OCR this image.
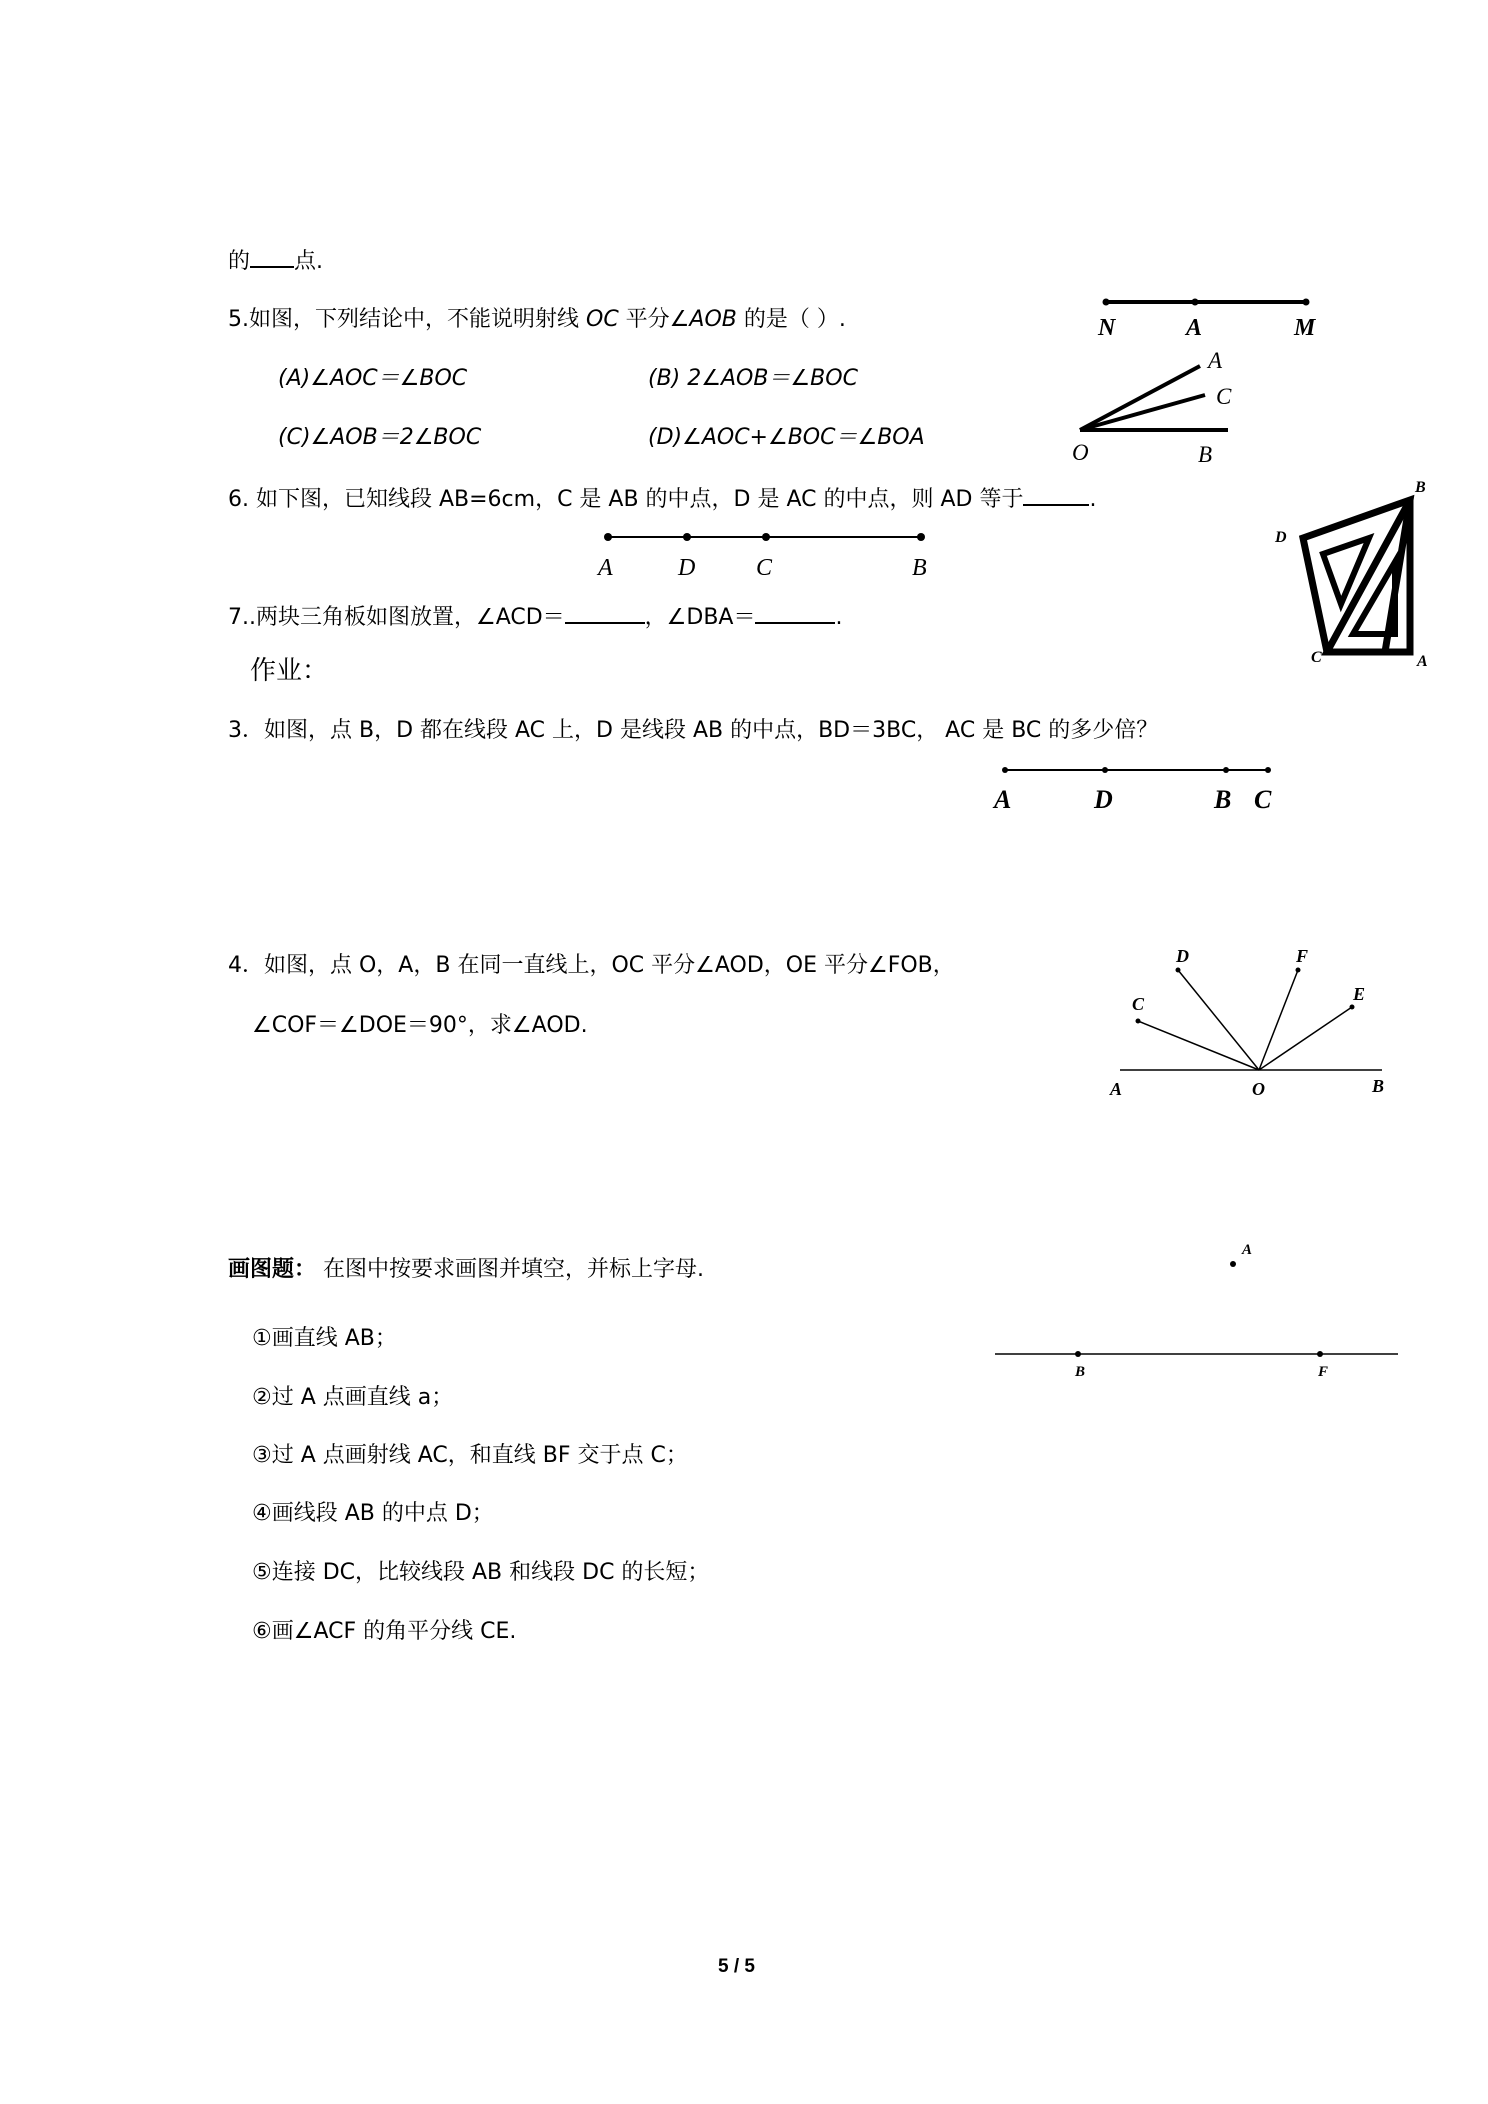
的 点.
5.如图，下列结论中，不能说明射线 OC 平分∠AOB 的是（ ）.
(A)∠AOC＝∠BOC	(B) 2∠AOB＝∠BOC
(C)∠AOB＝2∠BOC	(D)∠AOC+∠BOC＝∠BOA
6. 如下图，已知线段 AB=6cm，C 是 AB 的中点，D 是 AC 的中点，则 AD 等于	.
7..两块三角板如图放置，∠ACD＝	，∠DBA＝	.
作业：
3．如图，点 B，D 都在线段 AC 上，D 是线段 AB 的中点，BD＝3BC， AC 是 BC 的多少倍？
4．如图，点 O，A，B 在同一直线上，OC 平分∠AOD，OE 平分∠FOB，
∠COF＝∠DOE＝90°，求∠AOD.
画图题： 在图中按要求画图并填空，并标上字母.
①画直线 AB；
②过 A 点画直线 a；
③过 A 点画射线 AC，和直线 BF 交于点 C；
④画线段 AB 的中点 D；
⑤连接 DC，比较线段 AB 和线段 DC 的长短；
⑥画∠ACF 的角平分线 CE.
N	A	M
A
C
O	B
A	D	C	B
B
D
C	A
A	D	B C
D	F
C	E
A	O	B
A
B	F
5 / 5
